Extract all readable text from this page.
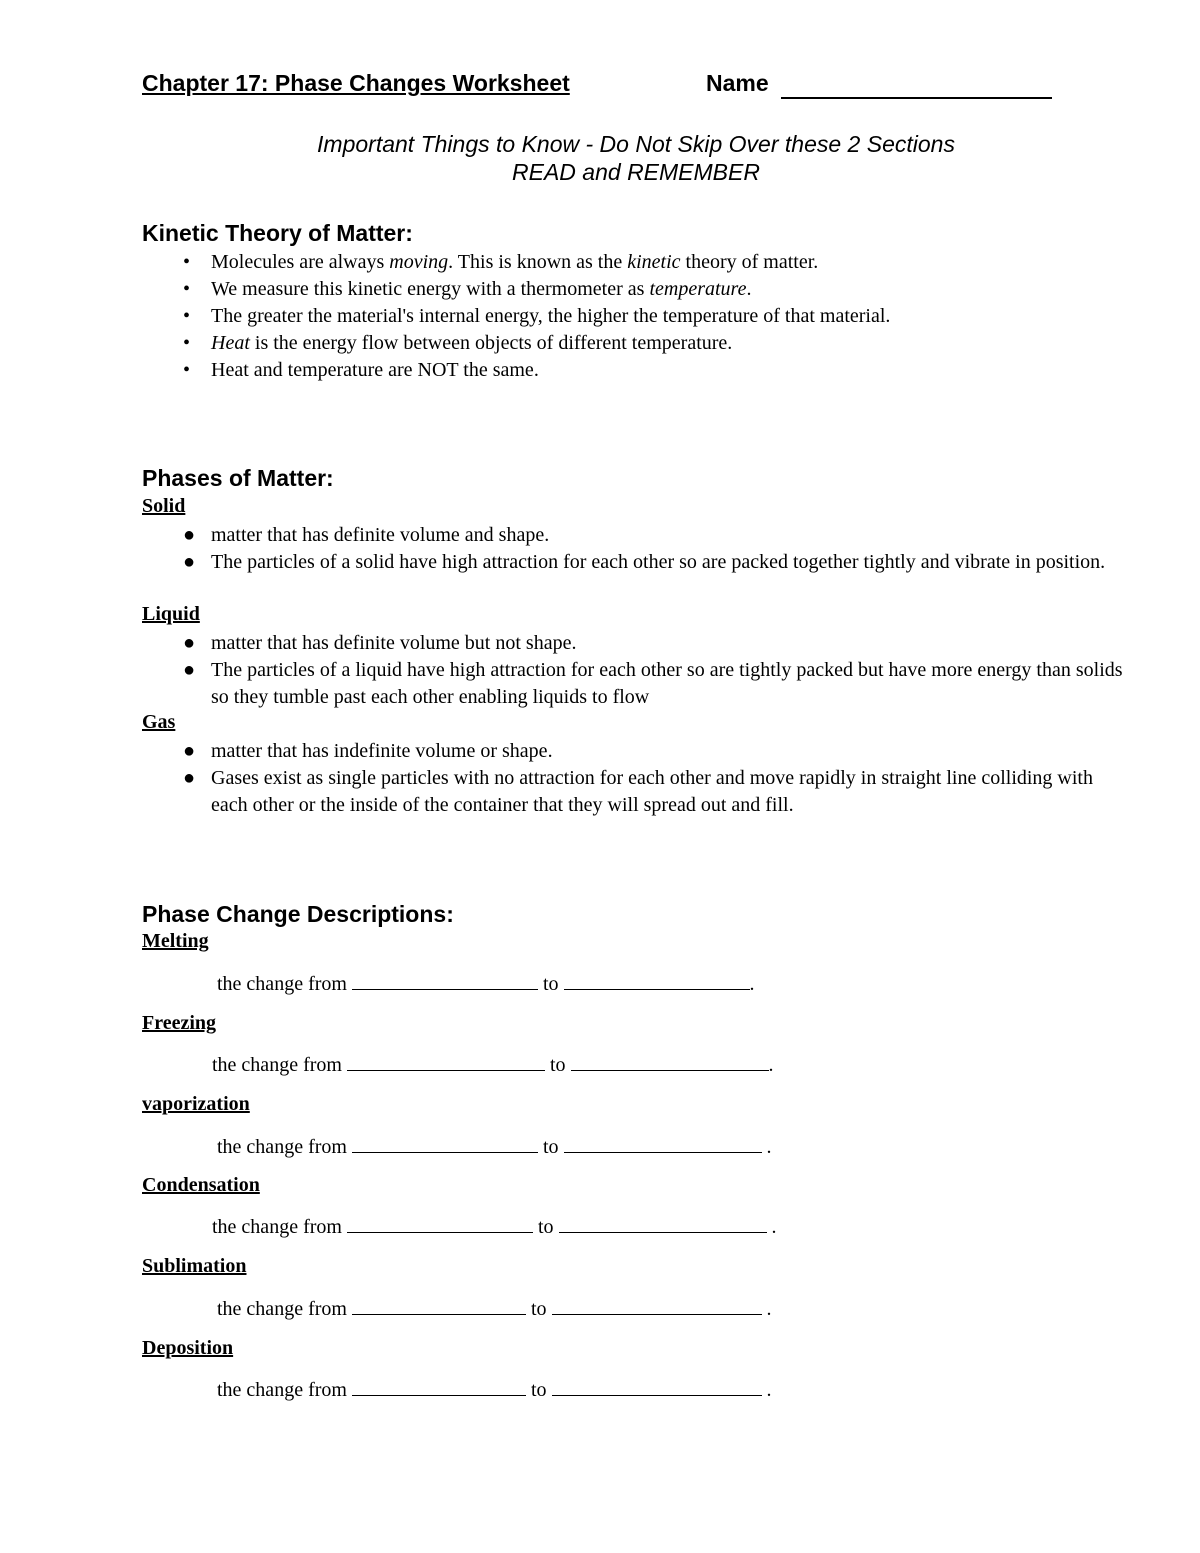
Chapter 17: Phase Changes Worksheet	Name
Important Things to Know - Do Not Skip Over these 2 Sections
READ and REMEMBER
Kinetic Theory of Matter:
• Molecules are always moving. This is known as the kinetic theory of matter.
• We measure this kinetic energy with a thermometer as temperature.
• The greater the material's internal energy, the higher the temperature of that material.
• Heat is the energy flow between objects of different temperature.
• Heat and temperature are NOT the same.
Phases of Matter:
Solid
● matter that has definite volume and shape.
● The particles of a solid have high attraction for each other so are packed together tightly and vibrate in position.
Liquid
● matter that has definite volume but not shape.
● The particles of a liquid have high attraction for each other so are tightly packed but have more energy than solids so they tumble past each other enabling liquids to flow
Gas
● matter that has indefinite volume or shape.
● Gases exist as single particles with no attraction for each other and move rapidly in straight line colliding with each other or the inside of the container that they will spread out and fill.
Phase Change Descriptions:
Melting
the change from	to	.
Freezing
the change from	to	.
vaporization
the change from	to	.
Condensation
the change from	to	.
Sublimation
the change from	to	.
Deposition
the change from	to	.
